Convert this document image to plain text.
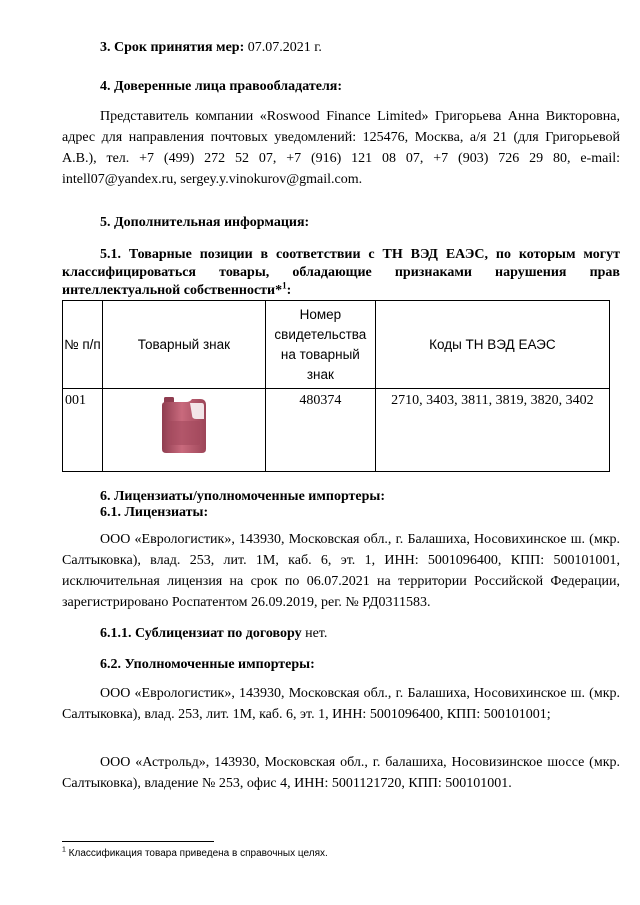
3. Срок принятия мер: 07.07.2021 г.
4. Доверенные лица правообладателя:
Представитель компании «Roswood Finance Limited» Григорьева Анна Викторовна, адрес для направления почтовых уведомлений: 125476, Москва, а/я 21 (для Григорьевой А.В.), тел. +7 (499) 272 52 07, +7 (916) 121 08 07, +7 (903) 726 29 80, e-mail: intell07@yandex.ru, sergey.y.vinokurov@gmail.com.
5. Дополнительная информация:
5.1. Товарные позиции в соответствии с ТН ВЭД ЕАЭС, по которым могут классифицироваться товары, обладающие признаками нарушения прав интеллектуальной собственности*$^1$:
№ п/п	Товарный знак	Номер свидетельства на товарный знак	Коды ТН ВЭД ЕАЭС
001		480374	2710, 3403, 3811, 3819, 3820, 3402
6. Лицензиаты/уполномоченные импортеры:
6.1. Лицензиаты:
ООО «Еврологистик», 143930, Московская обл., г. Балашиха, Носовихинское ш. (мкр. Салтыковка), влад. 253, лит. 1М, каб. 6, эт. 1, ИНН: 5001096400, КПП: 500101001, исключительная лицензия на срок по 06.07.2021 на территории Российской Федерации, зарегистрировано Роспатентом 26.09.2019, рег. № РД0311583.
6.1.1. Сублицензиат по договору нет.
6.2. Уполномоченные импортеры:
ООО «Еврологистик», 143930, Московская обл., г. Балашиха, Носовихинское ш. (мкр. Салтыковка), влад. 253, лит. 1М, каб. 6, эт. 1, ИНН: 5001096400, КПП: 500101001;
ООО «Астрольд», 143930, Московская обл., г. балашиха, Носовизинское шоссе (мкр. Салтыковка), владение № 253, офис 4, ИНН: 5001121720, КПП: 500101001.
$^1$ Классификация товара приведена в справочных целях.
